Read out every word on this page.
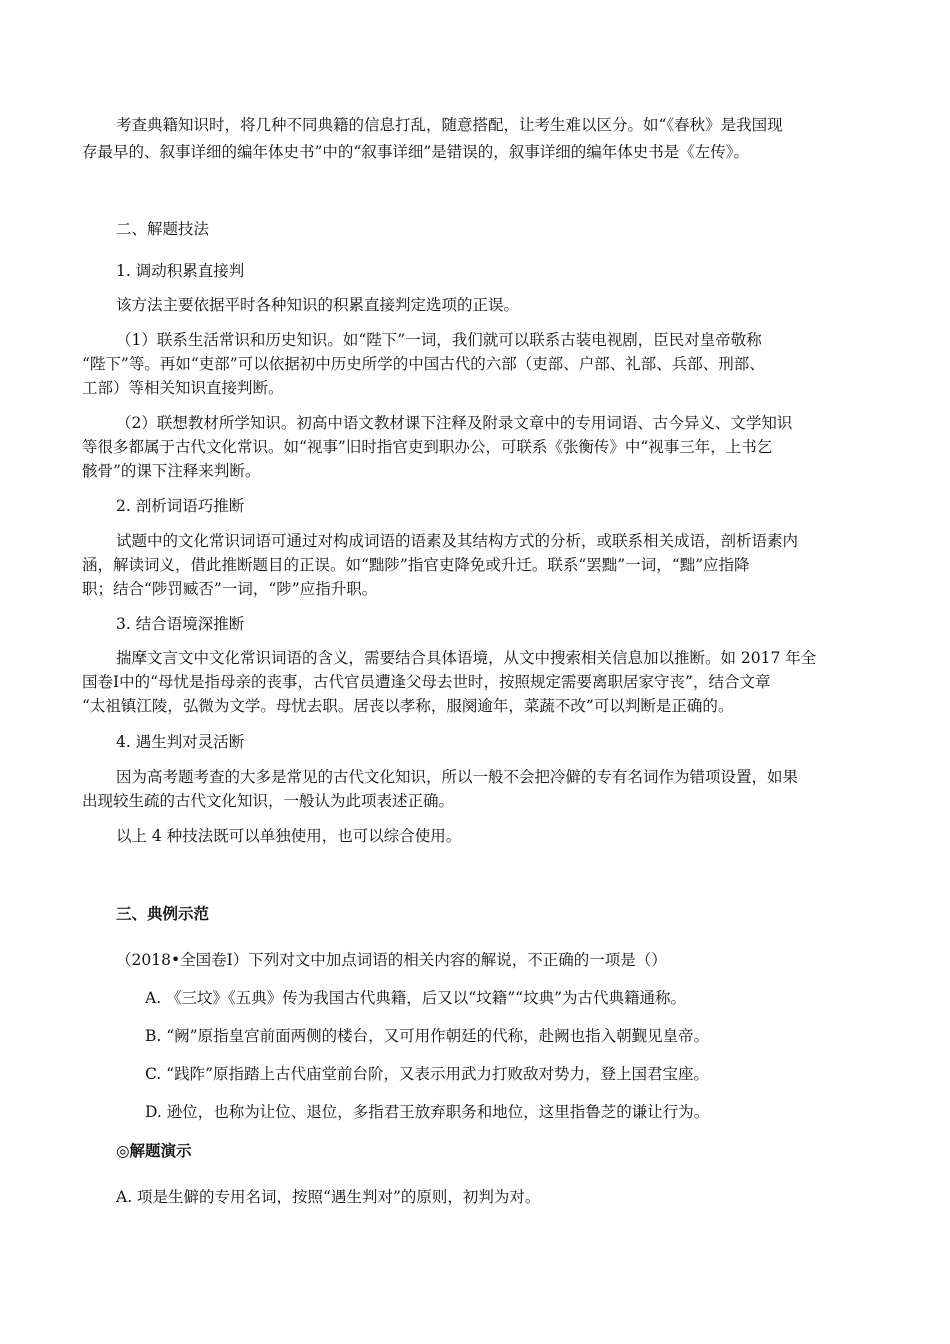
考查典籍知识时，将几种不同典籍的信息打乱，随意搭配，让考生难以区分。如“《春秋》是我国现
存最早的、叙事详细的编年体史书”中的“叙事详细”是错误的，叙事详细的编年体史书是《左传》。
二、解题技法
1. 调动积累直接判
该方法主要依据平时各种知识的积累直接判定选项的正误。
（1）联系生活常识和历史知识。如“陛下”一词，我们就可以联系古装电视剧，臣民对皇帝敬称
“陛下”等。再如“吏部”可以依据初中历史所学的中国古代的六部（吏部、户部、礼部、兵部、刑部、
工部）等相关知识直接判断。
（2）联想教材所学知识。初高中语文教材课下注释及附录文章中的专用词语、古今异义、文学知识
等很多都属于古代文化常识。如“视事”旧时指官吏到职办公，可联系《张衡传》中“视事三年，上书乞
骸骨”的课下注释来判断。
2. 剖析词语巧推断
试题中的文化常识词语可通过对构成词语的语素及其结构方式的分析，或联系相关成语，剖析语素内
涵，解读词义，借此推断题目的正误。如“黜陟”指官吏降免或升迁。联系“罢黜”一词，“黜”应指降
职；结合“陟罚臧否”一词，“陟”应指升职。
3. 结合语境深推断
揣摩文言文中文化常识词语的含义，需要结合具体语境，从文中搜索相关信息加以推断。如 2017 年全
国卷Ⅰ中的“母忧是指母亲的丧事，古代官员遭逢父母去世时，按照规定需要离职居家守丧”，结合文章
“太祖镇江陵，弘微为文学。母忧去职。居丧以孝称，服阕逾年，菜蔬不改”可以判断是正确的。
4. 遇生判对灵活断
因为高考题考查的大多是常见的古代文化知识，所以一般不会把冷僻的专有名词作为错项设置，如果
出现较生疏的古代文化知识，一般认为此项表述正确。
以上 4 种技法既可以单独使用，也可以综合使用。
三、典例示范
（2018•全国卷Ⅰ）下列对文中加点词语的相关内容的解说，不正确的一项是（）
A. 《三坟》《五典》传为我国古代典籍，后又以“坟籍”“坟典”为古代典籍通称。
B. “阙”原指皇宫前面两侧的楼台，又可用作朝廷的代称，赴阙也指入朝觐见皇帝。
C. “践阼”原指踏上古代庙堂前台阶，又表示用武力打败敌对势力，登上国君宝座。
D. 逊位，也称为让位、退位，多指君王放弃职务和地位，这里指鲁芝的谦让行为。
◎解题演示
A. 项是生僻的专用名词，按照“遇生判对”的原则，初判为对。
